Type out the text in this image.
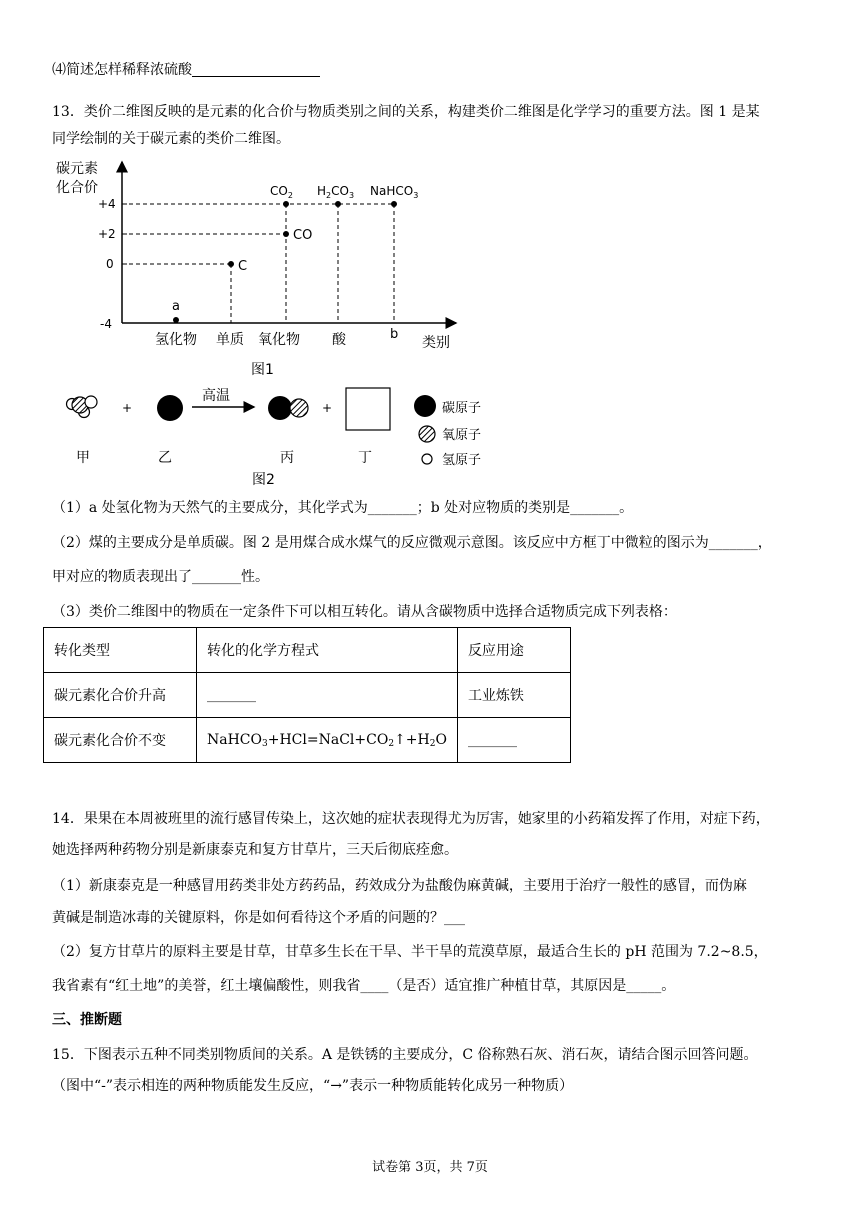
⑷简述怎样稀释浓硫酸
13．类价二维图反映的是元素的化合价与物质类别之间的关系，构建类价二维图是化学学习的重要方法。图 1 是某
同学绘制的关于碳元素的类价二维图。
碳元素
化合价
+4
+2
0
-4
a
C
CO
$CO_2$ $H_2CO_3$ NaHCO$_3$
氢化物 单质 氧化物 酸	b
类别
图1
+
高温
+	碳原子
氧原子
氢原子
甲	乙	丙	丁
图2
（1）a 处氢化物为天然气的主要成分，其化学式为_______；b 处对应物质的类别是_______。
（2）煤的主要成分是单质碳。图 2 是用煤合成水煤气的反应微观示意图。该反应中方框丁中微粒的图示为_______，
甲对应的物质表现出了_______性。
（3）类价二维图中的物质在一定条件下可以相互转化。请从含碳物质中选择合适物质完成下列表格：
转化类型	转化的化学方程式	反应用途
碳元素化合价升高	_______	工业炼铁
碳元素化合价不变	$NaHCO_3+HCl=NaCl+CO_2↑+H_2O$	_______
14．果果在本周被班里的流行感冒传染上，这次她的症状表现得尤为厉害，她家里的小药箱发挥了作用，对症下药，
她选择两种药物分别是新康泰克和复方甘草片，三天后彻底痊愈。
（1）新康泰克是一种感冒用药类非处方药药品，药效成分为盐酸伪麻黄碱，主要用于治疗一般性的感冒，而伪麻
黄碱是制造冰毒的关键原料，你是如何看待这个矛盾的问题的？___
（2）复方甘草片的原料主要是甘草，甘草多生长在干旱、半干旱的荒漠草原，最适合生长的 pH 范围为 7.2~8.5，
我省素有“红土地”的美誉，红土壤偏酸性，则我省____（是否）适宜推广种植甘草，其原因是_____。
三、推断题
15．下图表示五种不同类别物质间的关系。A 是铁锈的主要成分，C 俗称熟石灰、消石灰，请结合图示回答问题。
（图中“-”表示相连的两种物质能发生反应，“→”表示一种物质能转化成另一种物质）
试卷第 3页，共 7页
